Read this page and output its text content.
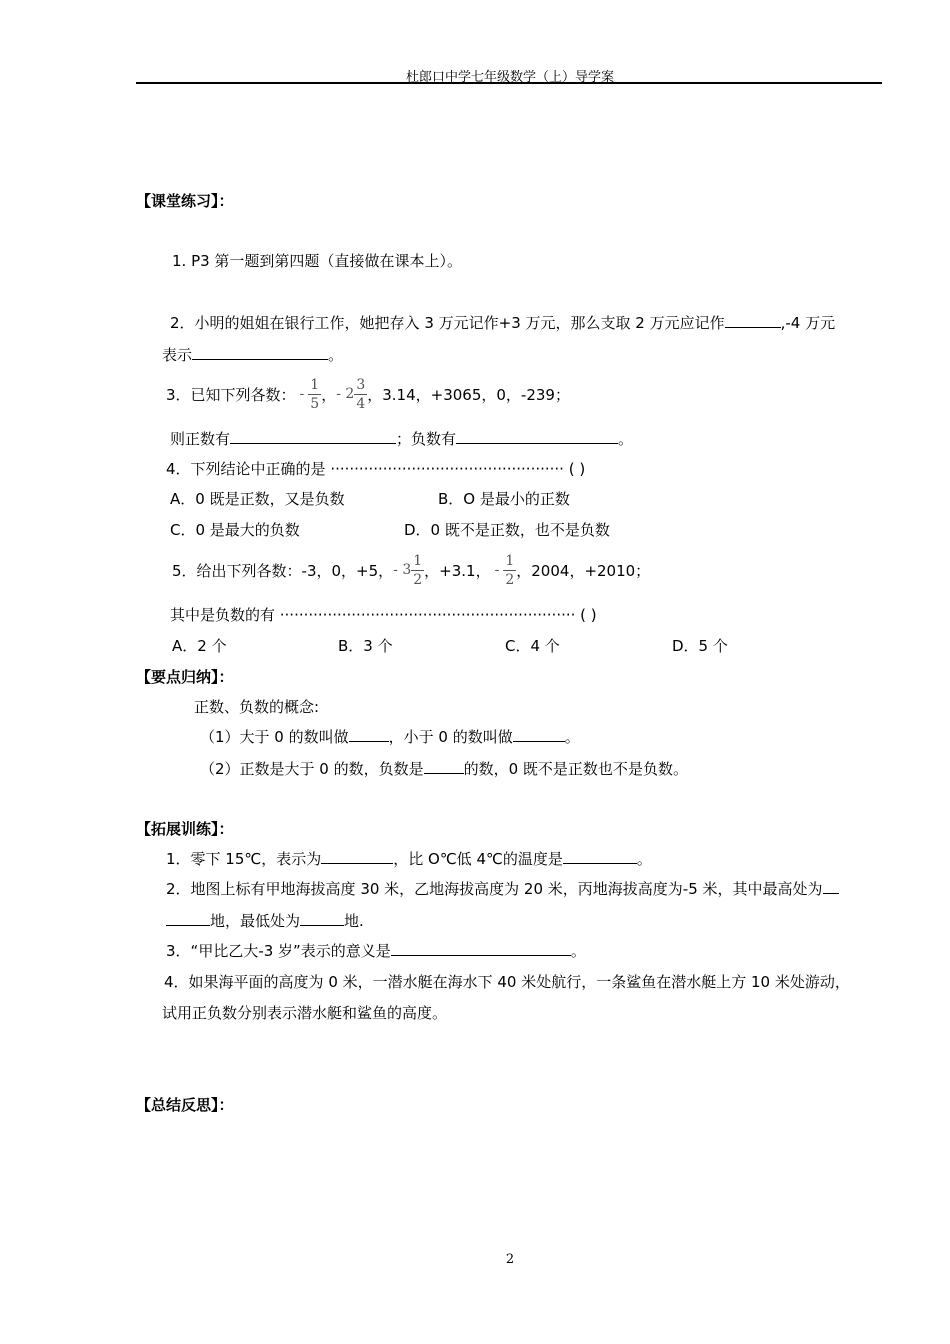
杜郎口中学七年级数学（上）导学案
【课堂练习】：
1. P3 第一题到第四题（直接做在课本上）。
2．小明的姐姐在银行工作，她把存入 3 万元记作+3 万元，那么支取 2 万元应记作	,-4 万元
表示	。
3．已知下列各数： - $\frac{1}{5}$ ， - $2 \frac{3}{4}$ ，3.14，+3065，0，-239；
则正数有	；负数有	。
4．下列结论中正确的是 ················································· ( )
A．0 既是正数，又是负数	B．O 是最小的正数
C．0 是最大的负数	D．0 既不是正数，也不是负数
5．给出下列各数：-3，0，+5， - $3 \frac{1}{2}$ ，+3.1， - $\frac{1}{2}$ ，2004，+2010；
其中是负数的有 ······························································ ( )
A．2 个	B．3 个	C．4 个	D．5 个
【要点归纳】：
正数、负数的概念:
（1）大于 0 的数叫做	，小于 0 的数叫做	。
（2）正数是大于 0 的数，负数是	的数，0 既不是正数也不是负数。
【拓展训练】：
1．零下 15℃，表示为	，比 O℃低 4℃的温度是	。
2．地图上标有甲地海拔高度 30 米，乙地海拔高度为 20 米，丙地海拔高度为-5 米，其中最高处为
地，最低处为	地.
3．“甲比乙大-3 岁”表示的意义是	。
4．如果海平面的高度为 0 米，一潜水艇在海水下 40 米处航行，一条鲨鱼在潜水艇上方 10 米处游动，
试用正负数分别表示潜水艇和鲨鱼的高度。
【总结反思】：
2
